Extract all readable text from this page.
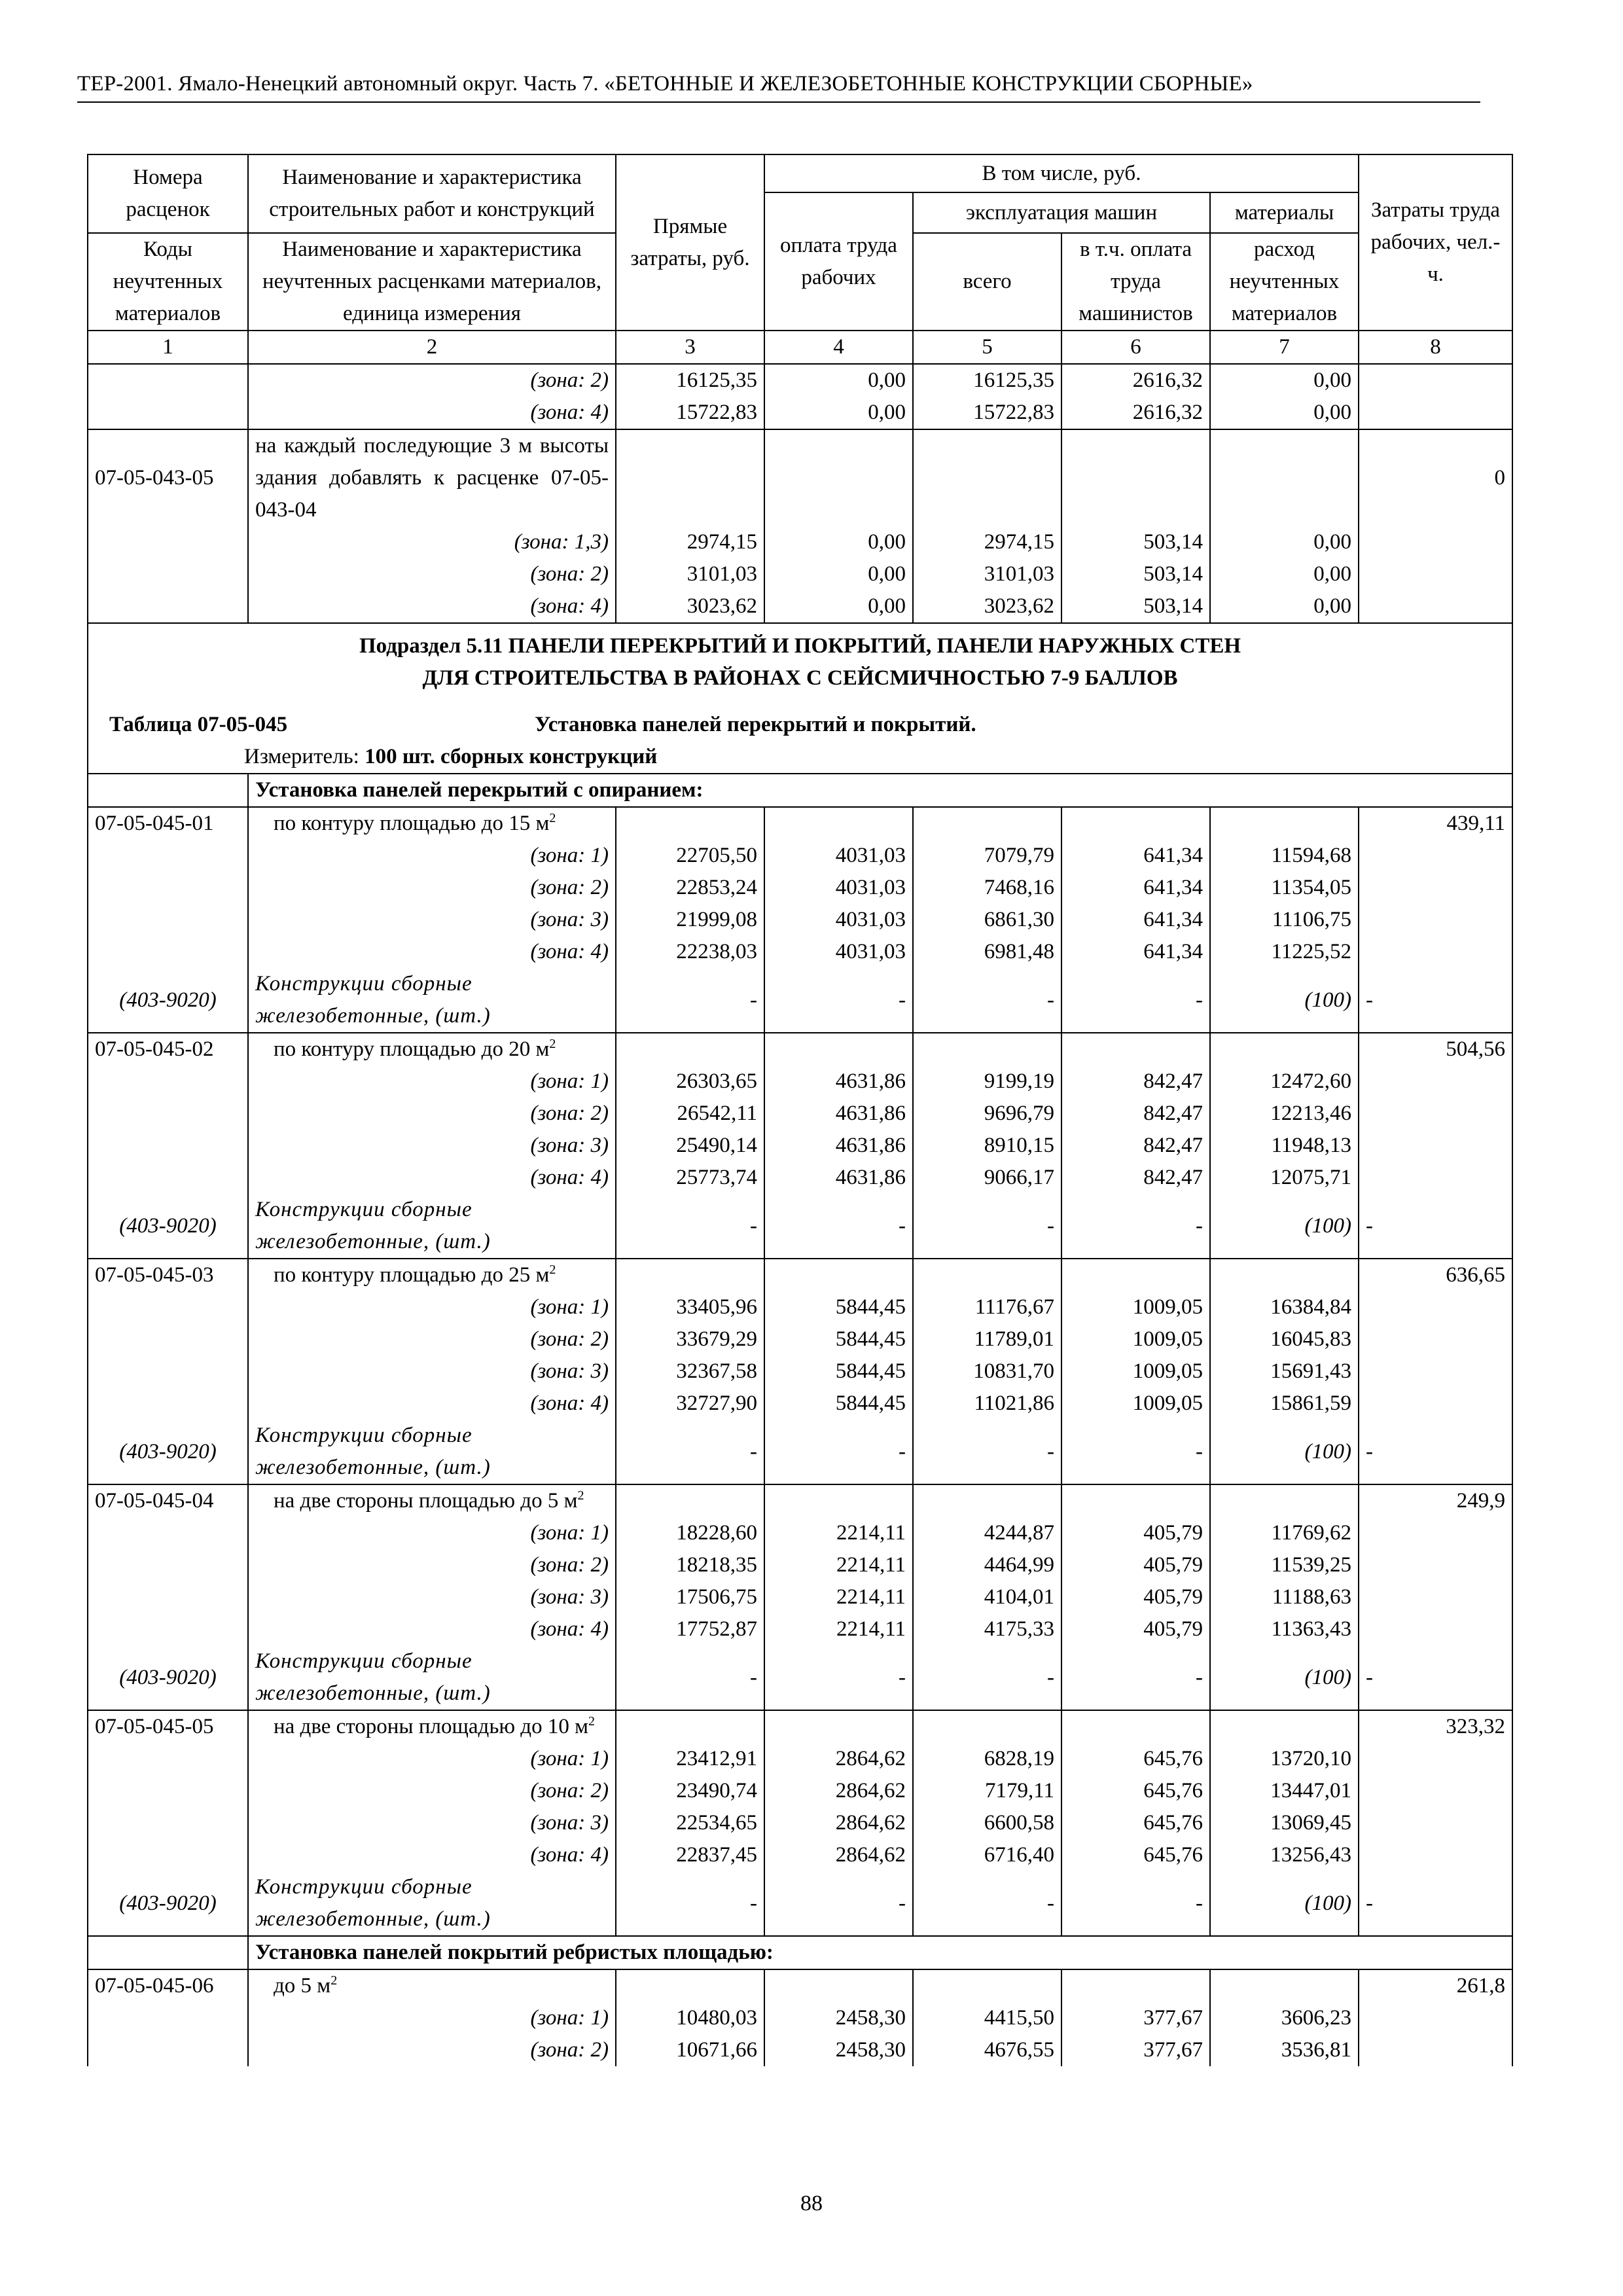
ТЕР-2001. Ямало-Ненецкий автономный округ. Часть 7. «БЕТОННЫЕ И ЖЕЛЕЗОБЕТОННЫЕ КОНСТРУКЦИИ СБОРНЫЕ»
Номера расценок	Наименование и характеристика строительных работ и конструкций	Прямые затраты, руб.	В том числе, руб.				Затраты труда рабочих, чел.-ч.
			оплата труда рабочих	эксплуатация машин		материалы	
Коды неучтенных материалов	Наименование и характеристика неучтенных расценками материалов, единица измерения			всего	в т.ч. оплата труда машинистов	расход неучтенных материалов	
1	2	3	4	5	6	7	8
	(зона: 2)	16125,35	0,00	16125,35	2616,32	0,00	
	(зона: 4)	15722,83	0,00	15722,83	2616,32	0,00	
07-05-043-05	на каждый последующие 3 м высоты здания добавлять к расценке 07-05-043-04						0
	(зона: 1,3)	2974,15	0,00	2974,15	503,14	0,00	
	(зона: 2)	3101,03	0,00	3101,03	503,14	0,00	
	(зона: 4)	3023,62	0,00	3023,62	503,14	0,00	

Подраздел 5.11 ПАНЕЛИ ПЕРЕКРЫТИЙ И ПОКРЫТИЙ, ПАНЕЛИ НАРУЖНЫХ СТЕН
ДЛЯ СТРОИТЕЛЬСТВА В РАЙОНАХ С СЕЙСМИЧНОСТЬЮ 7-9 БАЛЛОВ							

Таблица 07-05-045 Установка панелей перекрытий и покрытий.							
Измеритель: 100 шт. сборных конструкций							
	Установка панелей перекрытий с опиранием:						
07-05-045-01	по контуру площадью до 15 $м^2$						439,11
	(зона: 1)	22705,50	4031,03	7079,79	641,34	11594,68	
	(зона: 2)	22853,24	4031,03	7468,16	641,34	11354,05	
	(зона: 3)	21999,08	4031,03	6861,30	641,34	11106,75	
	(зона: 4)	22238,03	4031,03	6981,48	641,34	11225,52	
(403-9020)	Конструкции сборные железобетонные, (шт.)	-	-	-	-	(100)	-
07-05-045-02	по контуру площадью до 20 $м^2$						504,56
	(зона: 1)	26303,65	4631,86	9199,19	842,47	12472,60	
	(зона: 2)	26542,11	4631,86	9696,79	842,47	12213,46	
	(зона: 3)	25490,14	4631,86	8910,15	842,47	11948,13	
	(зона: 4)	25773,74	4631,86	9066,17	842,47	12075,71	
(403-9020)	Конструкции сборные железобетонные, (шт.)	-	-	-	-	(100)	-
07-05-045-03	по контуру площадью до 25 $м^2$						636,65
	(зона: 1)	33405,96	5844,45	11176,67	1009,05	16384,84	
	(зона: 2)	33679,29	5844,45	11789,01	1009,05	16045,83	
	(зона: 3)	32367,58	5844,45	10831,70	1009,05	15691,43	
	(зона: 4)	32727,90	5844,45	11021,86	1009,05	15861,59	
(403-9020)	Конструкции сборные железобетонные, (шт.)	-	-	-	-	(100)	-
07-05-045-04	на две стороны площадью до 5 $м^2$						249,9
	(зона: 1)	18228,60	2214,11	4244,87	405,79	11769,62	
	(зона: 2)	18218,35	2214,11	4464,99	405,79	11539,25	
	(зона: 3)	17506,75	2214,11	4104,01	405,79	11188,63	
	(зона: 4)	17752,87	2214,11	4175,33	405,79	11363,43	
(403-9020)	Конструкции сборные железобетонные, (шт.)	-	-	-	-	(100)	-
07-05-045-05	на две стороны площадью до 10 $м^2$						323,32
	(зона: 1)	23412,91	2864,62	6828,19	645,76	13720,10	
	(зона: 2)	23490,74	2864,62	7179,11	645,76	13447,01	
	(зона: 3)	22534,65	2864,62	6600,58	645,76	13069,45	
	(зона: 4)	22837,45	2864,62	6716,40	645,76	13256,43	
(403-9020)	Конструкции сборные железобетонные, (шт.)	-	-	-	-	(100)	-
	Установка панелей покрытий ребристых площадью:						
07-05-045-06	до 5 $м^2$						261,8
	(зона: 1)	10480,03	2458,30	4415,50	377,67	3606,23	
	(зона: 2)	10671,66	2458,30	4676,55	377,67	3536,81	
88
